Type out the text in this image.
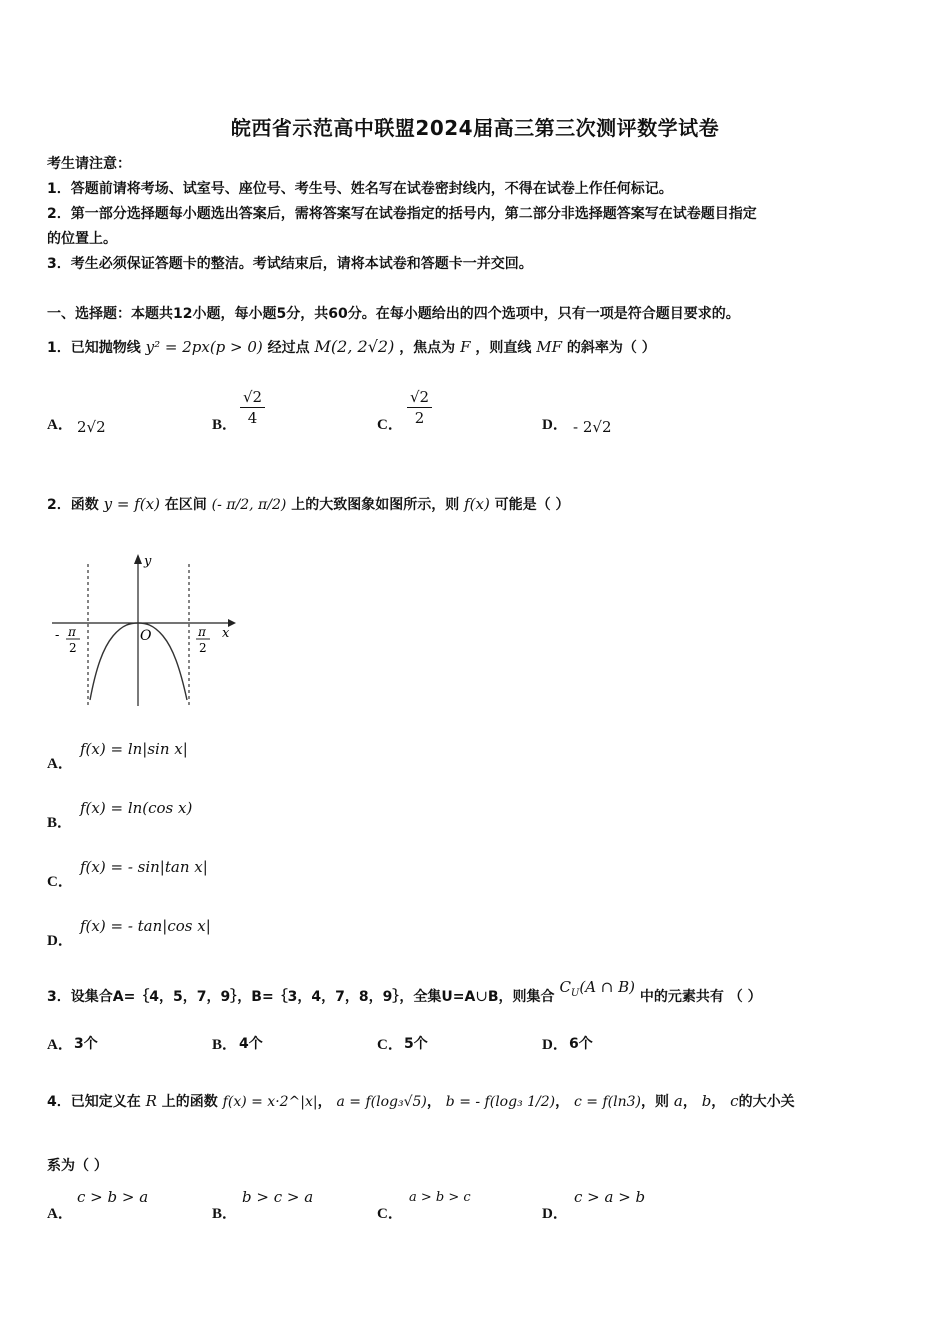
皖西省示范高中联盟2024届高三第三次测评数学试卷
考生请注意：
1．答题前请将考场、试室号、座位号、考生号、姓名写在试卷密封线内，不得在试卷上作任何标记。
2．第一部分选择题每小题选出答案后，需将答案写在试卷指定的括号内，第二部分非选择题答案写在试卷题目指定
的位置上。
3．考生必须保证答题卡的整洁。考试结束后，请将本试卷和答题卡一并交回。
一、选择题：本题共12小题，每小题5分，共60分。在每小题给出的四个选项中，只有一项是符合题目要求的。
1．已知抛物线 y² = 2px(p > 0) 经过点 M(2, 2√2) ，焦点为 F ，则直线 MF 的斜率为（ ）
A． 2√2	B． $\frac{√2}{4}$	C． $\frac{√2}{2}$	D． - 2√2
2．函数 y = f(x) 在区间 (- π/2, π/2) 上的大致图象如图所示，则 f(x) 可能是（ ）
y
x
O
- π
2
π
2
A．
f(x) = ln|sin x|
B．
f(x) = ln(cos x)
C．
f(x) = - sin|tan x|
D．
f(x) = - tan|cos x|
3．设集合A=｛4，5，7，9｝，B=｛3，4，7，8，9｝，全集U=A∪B，则集合 $C_U(A$ ∩ B) 中的元素共有 （ ）
A． 3个	B． 4个	C． 5个	D． 6个
4．已知定义在 R 上的函数 f(x) = x·2^|x|， a = f(log₃√5)， b = - f(log₃ 1/2)， c = f(ln3)，则 a， b， c的大小关
系为（ ）
A．
c > b > a
B．
b > c > a
C．
a > b > c
D．
c > a > b
